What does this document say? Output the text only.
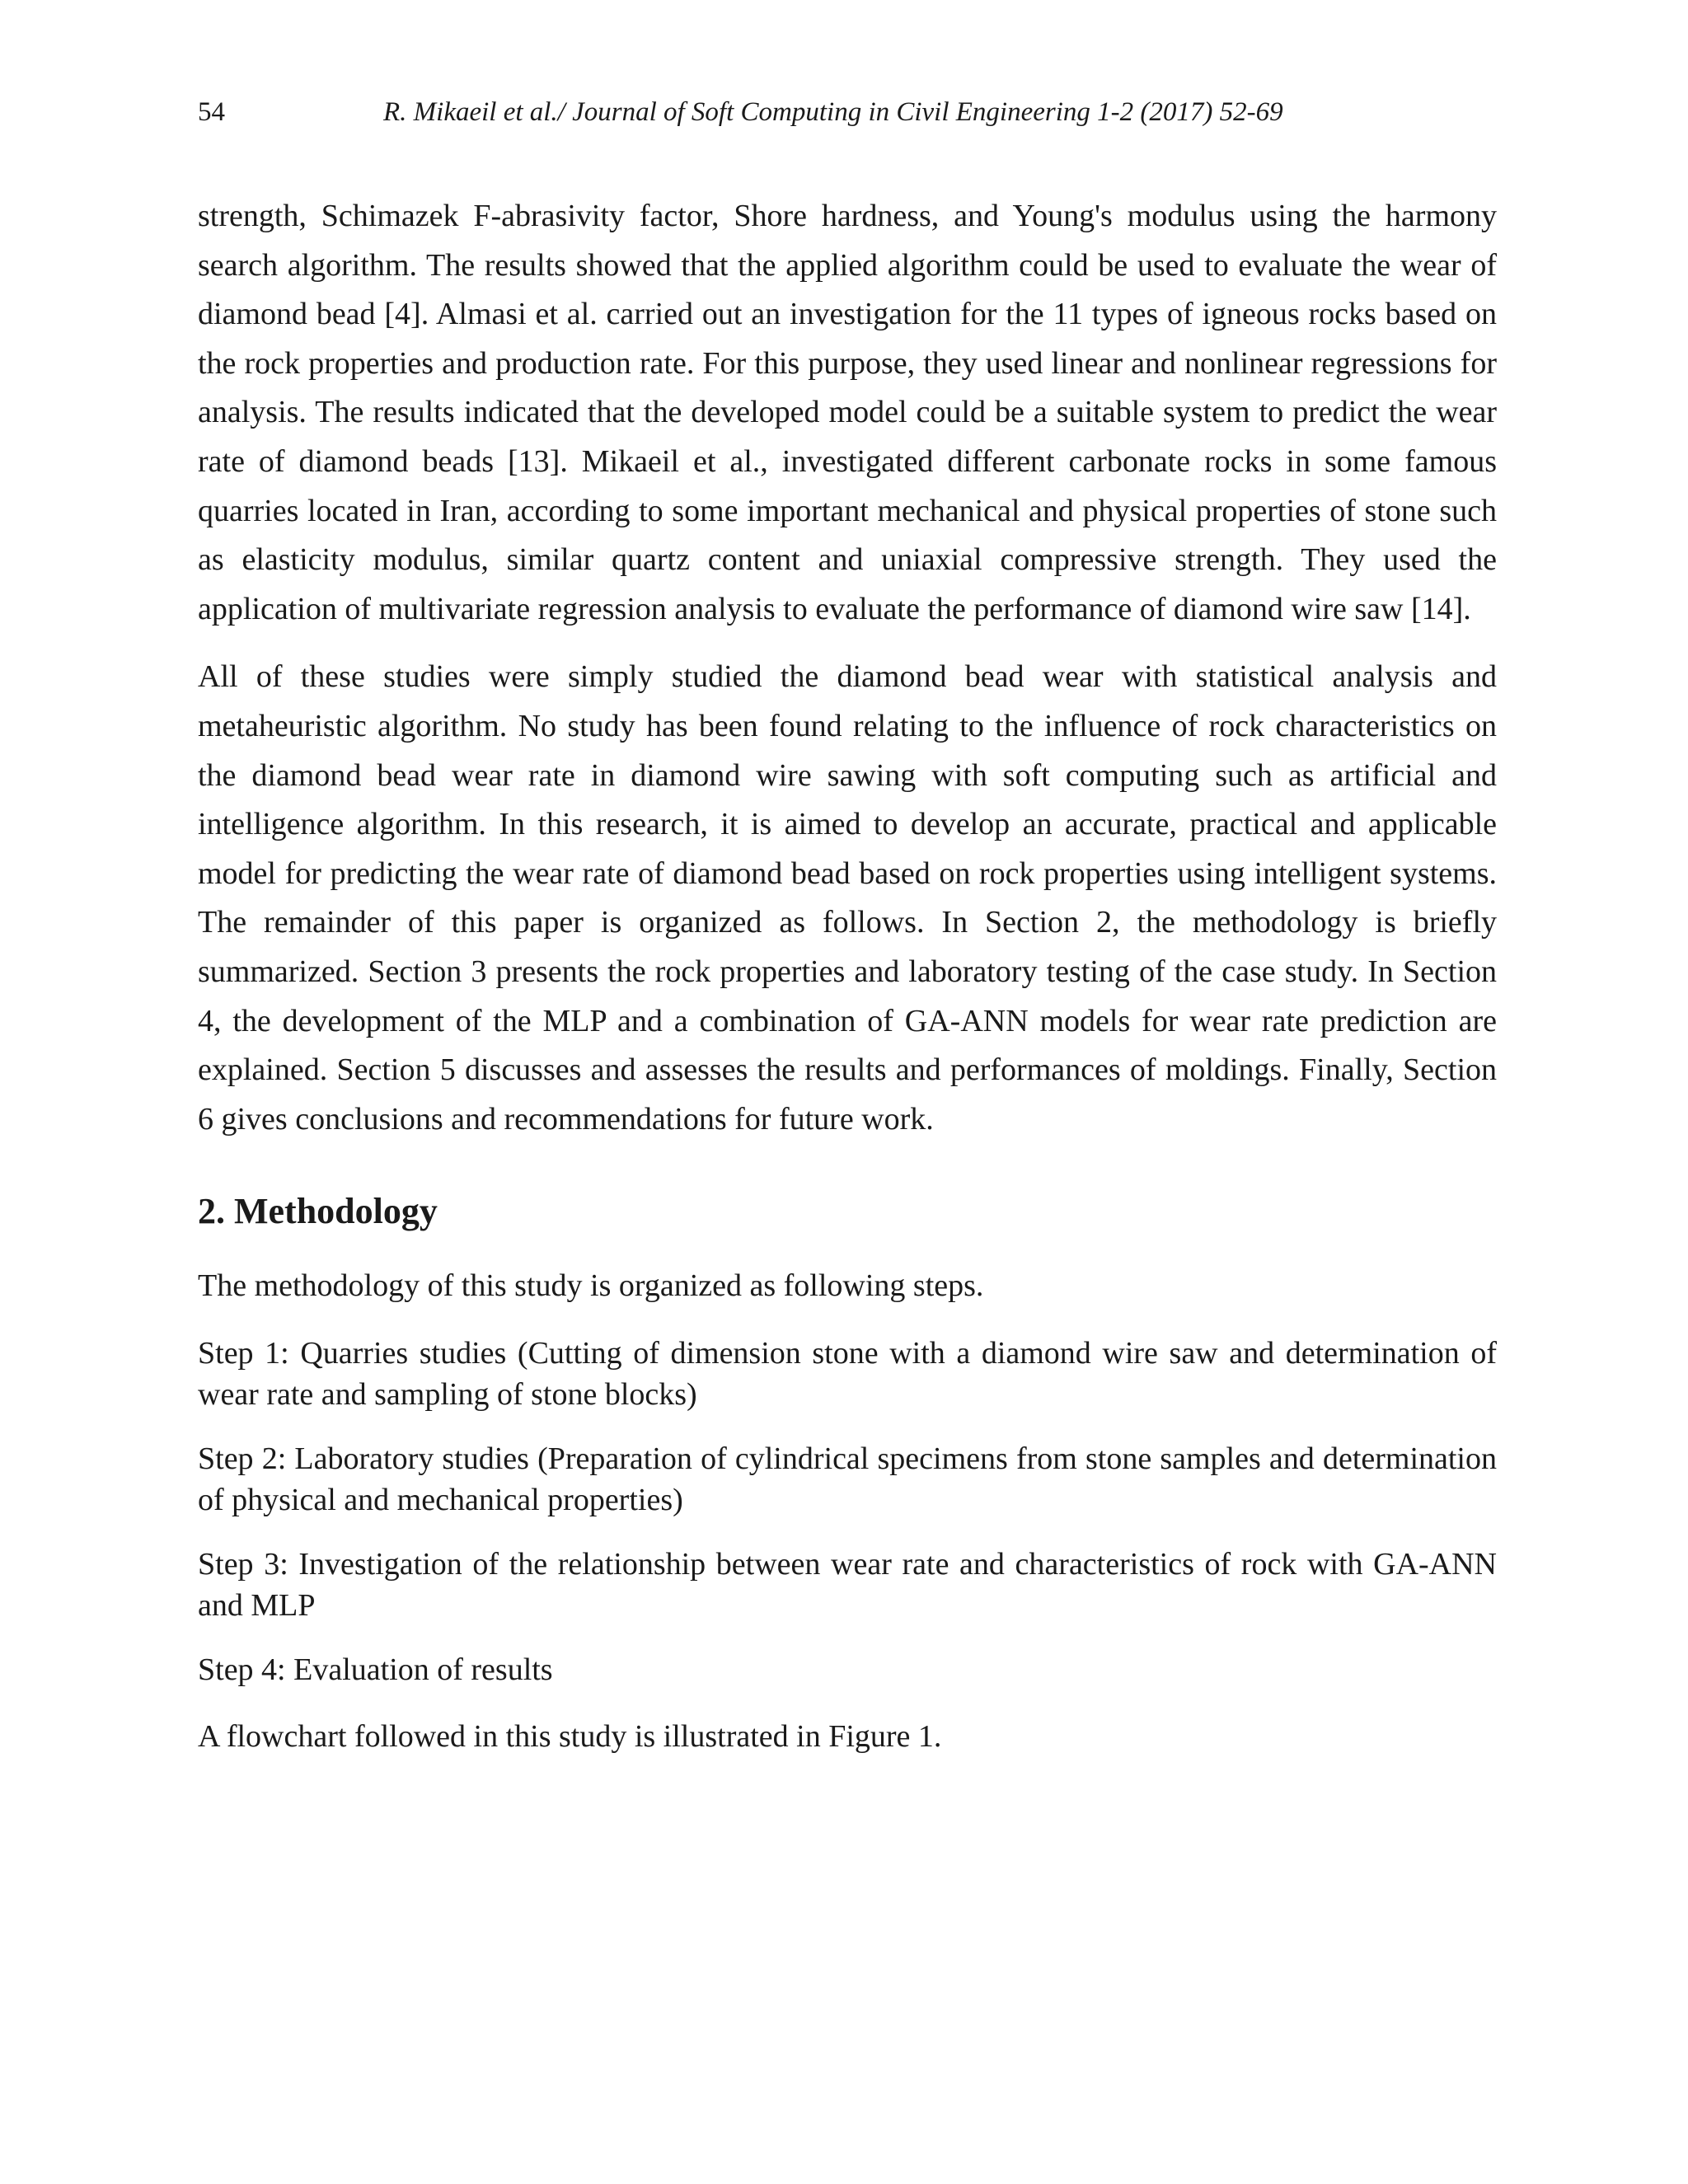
54	R. Mikaeil et al./ Journal of Soft Computing in Civil Engineering 1-2 (2017) 52-69

strength, Schimazek F-abrasivity factor, Shore hardness, and Young's modulus using the harmony search algorithm. The results showed that the applied algorithm could be used to evaluate the wear of diamond bead [4]. Almasi et al. carried out an investigation for the 11 types of igneous rocks based on the rock properties and production rate. For this purpose, they used linear and nonlinear regressions for analysis. The results indicated that the developed model could be a suitable system to predict the wear rate of diamond beads [13]. Mikaeil et al., investigated different carbonate rocks in some famous quarries located in Iran, according to some important mechanical and physical properties of stone such as elasticity modulus, similar quartz content and uniaxial compressive strength. They used the application of multivariate regression analysis to evaluate the performance of diamond wire saw [14].

All of these studies were simply studied the diamond bead wear with statistical analysis and metaheuristic algorithm. No study has been found relating to the influence of rock characteristics on the diamond bead wear rate in diamond wire sawing with soft computing such as artificial and intelligence algorithm. In this research, it is aimed to develop an accurate, practical and applicable model for predicting the wear rate of diamond bead based on rock properties using intelligent systems. The remainder of this paper is organized as follows. In Section 2, the methodology is briefly summarized. Section 3 presents the rock properties and laboratory testing of the case study. In Section 4, the development of the MLP and a combination of GA-ANN models for wear rate prediction are explained. Section 5 discusses and assesses the results and performances of moldings. Finally, Section 6 gives conclusions and recommendations for future work.

2. Methodology

The methodology of this study is organized as following steps.

Step 1: Quarries studies (Cutting of dimension stone with a diamond wire saw and determination of wear rate and sampling of stone blocks)

Step 2: Laboratory studies (Preparation of cylindrical specimens from stone samples and determination of physical and mechanical properties)

Step 3: Investigation of the relationship between wear rate and characteristics of rock with GA-ANN and MLP

Step 4: Evaluation of results

A flowchart followed in this study is illustrated in Figure 1.
